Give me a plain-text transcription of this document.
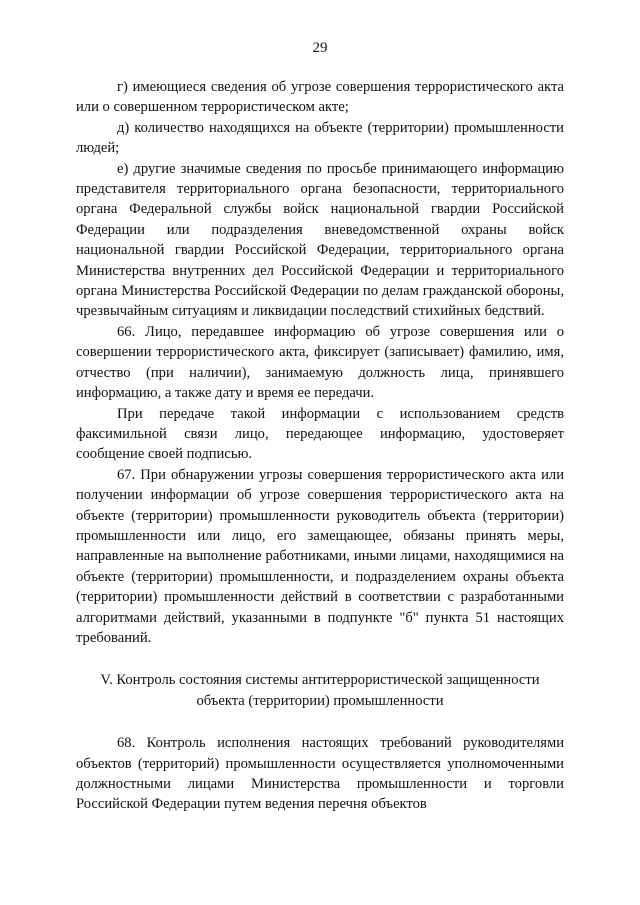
29

г) имеющиеся сведения об угрозе совершения террористического акта или о совершенном террористическом акте;

д) количество находящихся на объекте (территории) промышленности людей;

е) другие значимые сведения по просьбе принимающего информацию представителя территориального органа безопасности, территориального органа Федеральной службы войск национальной гвардии Российской Федерации или подразделения вневедомственной охраны войск национальной гвардии Российской Федерации, территориального органа Министерства внутренних дел Российской Федерации и территориального органа Министерства Российской Федерации по делам гражданской обороны, чрезвычайным ситуациям и ликвидации последствий стихийных бедствий.

66. Лицо, передавшее информацию об угрозе совершения или о совершении террористического акта, фиксирует (записывает) фамилию, имя, отчество (при наличии), занимаемую должность лица, принявшего информацию, а также дату и время ее передачи.

При передаче такой информации с использованием средств факсимильной связи лицо, передающее информацию, удостоверяет сообщение своей подписью.

67. При обнаружении угрозы совершения террористического акта или получении информации об угрозе совершения террористического акта на объекте (территории) промышленности руководитель объекта (территории) промышленности или лицо, его замещающее, обязаны принять меры, направленные на выполнение работниками, иными лицами, находящимися на объекте (территории) промышленности, и подразделением охраны объекта (территории) промышленности действий в соответствии с разработанными алгоритмами действий, указанными в подпункте "б" пункта 51 настоящих требований.

V. Контроль состояния системы антитеррористической защищенности
объекта (территории) промышленности

68. Контроль исполнения настоящих требований руководителями объектов (территорий) промышленности осуществляется уполномоченными должностными лицами Министерства промышленности и торговли Российской Федерации путем ведения перечня объектов
